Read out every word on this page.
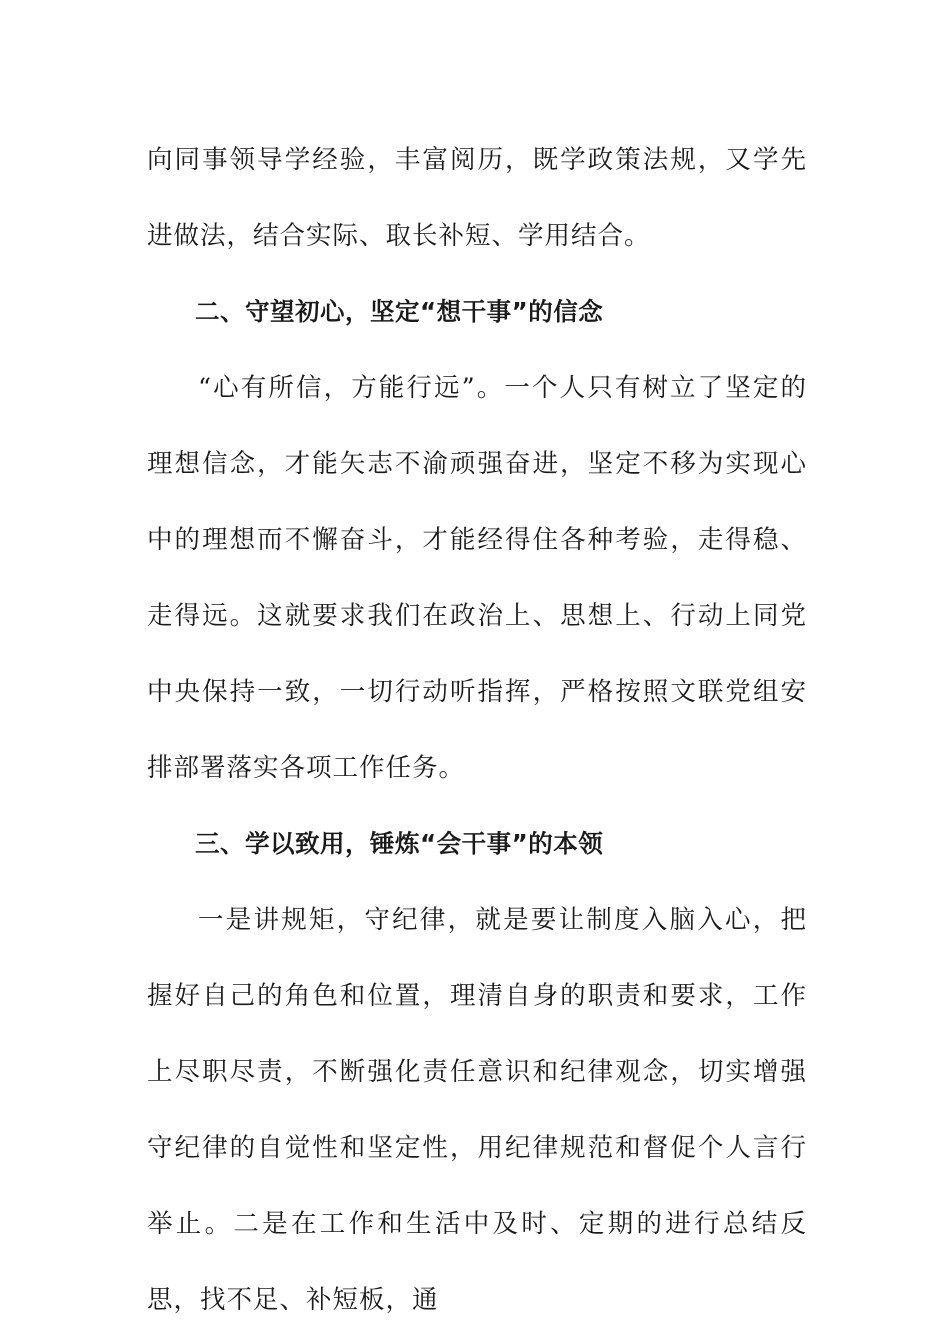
向同事领导学经验，丰富阅历，既学政策法规，又学先进做法，结合实际、取长补短、学用结合。

二、守望初心，坚定“想干事”的信念

“心有所信，方能行远”。一个人只有树立了坚定的理想信念，才能矢志不渝顽强奋进，坚定不移为实现心中的理想而不懈奋斗，才能经得住各种考验，走得稳、走得远。这就要求我们在政治上、思想上、行动上同党中央保持一致，一切行动听指挥，严格按照文联党组安排部署落实各项工作任务。

三、学以致用，锤炼“会干事”的本领

一是讲规矩，守纪律，就是要让制度入脑入心，把握好自己的角色和位置，理清自身的职责和要求，工作上尽职尽责，不断强化责任意识和纪律观念，切实增强守纪律的自觉性和坚定性，用纪律规范和督促个人言行举止。二是在工作和生活中及时、定期的进行总结反思，找不足、补短板，通
